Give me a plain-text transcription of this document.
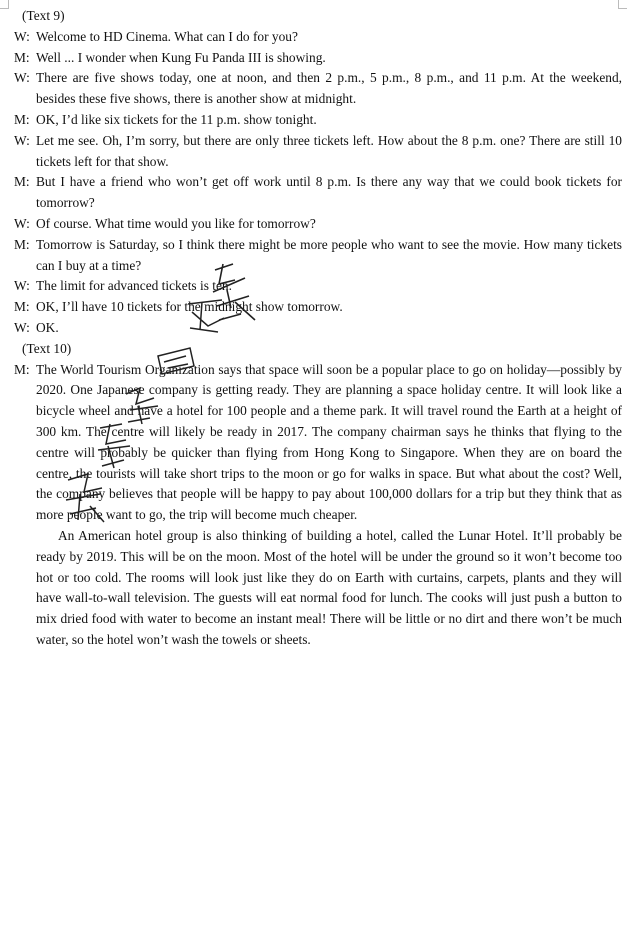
(Text 9)
W: Welcome to HD Cinema. What can I do for you?
M: Well ... I wonder when Kung Fu Panda III is showing.
W: There are five shows today, one at noon, and then 2 p.m., 5 p.m., 8 p.m., and 11 p.m. At the weekend, besides these five shows, there is another show at midnight.
M: OK, I’d like six tickets for the 11 p.m. show tonight.
W: Let me see. Oh, I’m sorry, but there are only three tickets left. How about the 8 p.m. one? There are still 10 tickets left for that show.
M: But I have a friend who won’t get off work until 8 p.m. Is there any way that we could book tickets for tomorrow?
W: Of course. What time would you like for tomorrow?
M: Tomorrow is Saturday, so I think there might be more people who want to see the movie. How many tickets can I buy at a time?
W: The limit for advanced tickets is ten.
M: OK, I’ll have 10 tickets for the midnight show tomorrow.
W: OK.
(Text 10)
M: The World Tourism Organization says that space will soon be a popular place to go on holiday—possibly by 2020. One Japanese company is getting ready. They are planning a space holiday centre. It will look like a bicycle wheel and have a hotel for 100 people and a theme park. It will travel round the Earth at a height of 300 km. The centre will likely be ready in 2017. The company chairman says he thinks that flying to the centre will probably be quicker than flying from Hong Kong to Singapore. When they are on board the centre, the tourists will take short trips to the moon or go for walks in space. But what about the cost? Well, the company believes that people will be happy to pay about 100,000 dollars for a trip but they think that as more people want to go, the trip will become much cheaper.
An American hotel group is also thinking of building a hotel, called the Lunar Hotel. It’ll probably be ready by 2019. This will be on the moon. Most of the hotel will be under the ground so it won’t become too hot or too cold. The rooms will look just like they do on Earth with curtains, carpets, plants and they will have wall-to-wall television. The guests will eat normal food for lunch. The cooks will just push a button to mix dried food with water to become an instant meal! There will be little or no dirt and there won’t be much water, so the hotel won’t wash the towels or sheets.
